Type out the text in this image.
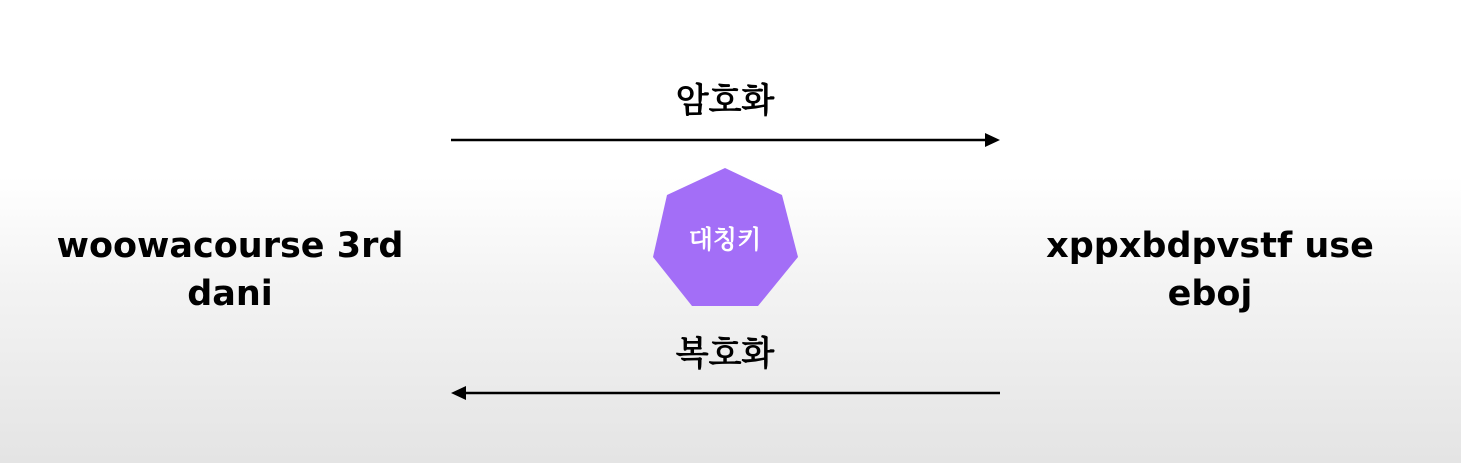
암호화
복호화
대칭키
woowacourse 3rd
dani
xppxbdpvstf use
eboj
